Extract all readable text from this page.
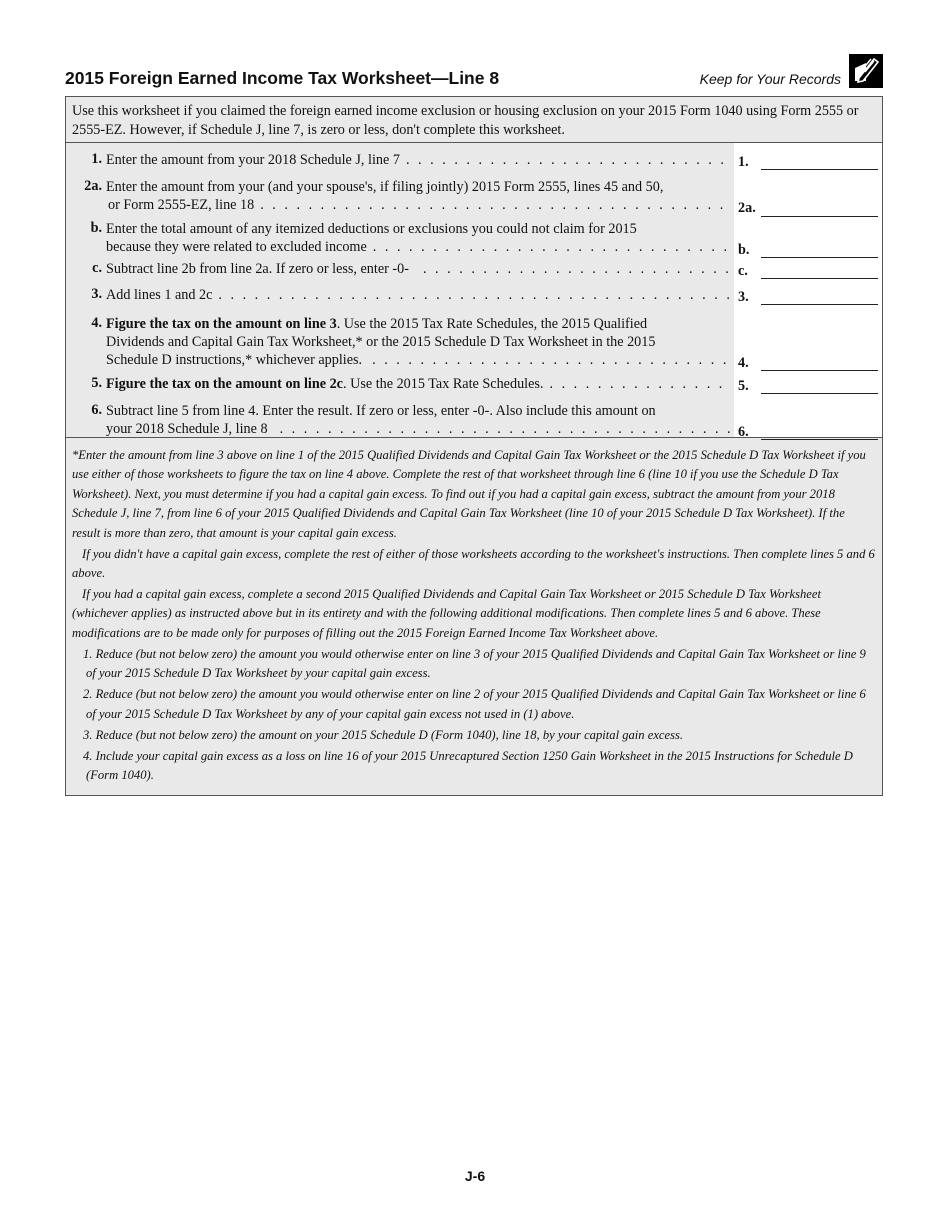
2015 Foreign Earned Income Tax Worksheet—Line 8	Keep for Your Records
Use this worksheet if you claimed the foreign earned income exclusion or housing exclusion on your 2015 Form 1040 using Form 2555 or 2555-EZ. However, if Schedule J, line 7, is zero or less, don't complete this worksheet.
1. Enter the amount from your 2018 Schedule J, line 7 . . .	1.
2a. Enter the amount from your (and your spouse's, if filing jointly) 2015 Form 2555, lines 45 and 50,
or Form 2555-EZ, line 18 . . .	2a.
b. Enter the total amount of any itemized deductions or exclusions you could not claim for 2015
because they were related to excluded income . . .	b.
c. Subtract line 2b from line 2a. If zero or less, enter -0- . . .	c.
3. Add lines 1 and 2c . . .	3.
4. Figure the tax on the amount on line 3. Use the 2015 Tax Rate Schedules, the 2015 Qualified
Dividends and Capital Gain Tax Worksheet,* or the 2015 Schedule D Tax Worksheet in the 2015
Schedule D instructions,* whichever applies. . . .	4.
5. Figure the tax on the amount on line 2c. Use the 2015 Tax Rate Schedules. . . .	5.
6. Subtract line 5 from line 4. Enter the result. If zero or less, enter -0-. Also include this amount on
your 2018 Schedule J, line 8 . . .	6.

*Enter the amount from line 3 above on line 1 of the 2015 Qualified Dividends and Capital Gain Tax Worksheet or the 2015 Schedule D Tax Worksheet if you use either of those worksheets to figure the tax on line 4 above. Complete the rest of that worksheet through line 6 (line 10 if you use the Schedule D Tax Worksheet). Next, you must determine if you had a capital gain excess. To find out if you had a capital gain excess, subtract the amount from your 2018 Schedule J, line 7, from line 6 of your 2015 Qualified Dividends and Capital Gain Tax Worksheet (line 10 of your 2015 Schedule D Tax Worksheet). If the result is more than zero, that amount is your capital gain excess.

If you didn't have a capital gain excess, complete the rest of either of those worksheets according to the worksheet's instructions. Then complete lines 5 and 6 above.

If you had a capital gain excess, complete a second 2015 Qualified Dividends and Capital Gain Tax Worksheet or 2015 Schedule D Tax Worksheet (whichever applies) as instructed above but in its entirety and with the following additional modifications. Then complete lines 5 and 6 above. These modifications are to be made only for purposes of filling out the 2015 Foreign Earned Income Tax Worksheet above.

1. Reduce (but not below zero) the amount you would otherwise enter on line 3 of your 2015 Qualified Dividends and Capital Gain Tax Worksheet or line 9 of your 2015 Schedule D Tax Worksheet by your capital gain excess.

2. Reduce (but not below zero) the amount you would otherwise enter on line 2 of your 2015 Qualified Dividends and Capital Gain Tax Worksheet or line 6 of your 2015 Schedule D Tax Worksheet by any of your capital gain excess not used in (1) above.

3. Reduce (but not below zero) the amount on your 2015 Schedule D (Form 1040), line 18, by your capital gain excess.

4. Include your capital gain excess as a loss on line 16 of your 2015 Unrecaptured Section 1250 Gain Worksheet in the 2015 Instructions for Schedule D (Form 1040).

J-6
